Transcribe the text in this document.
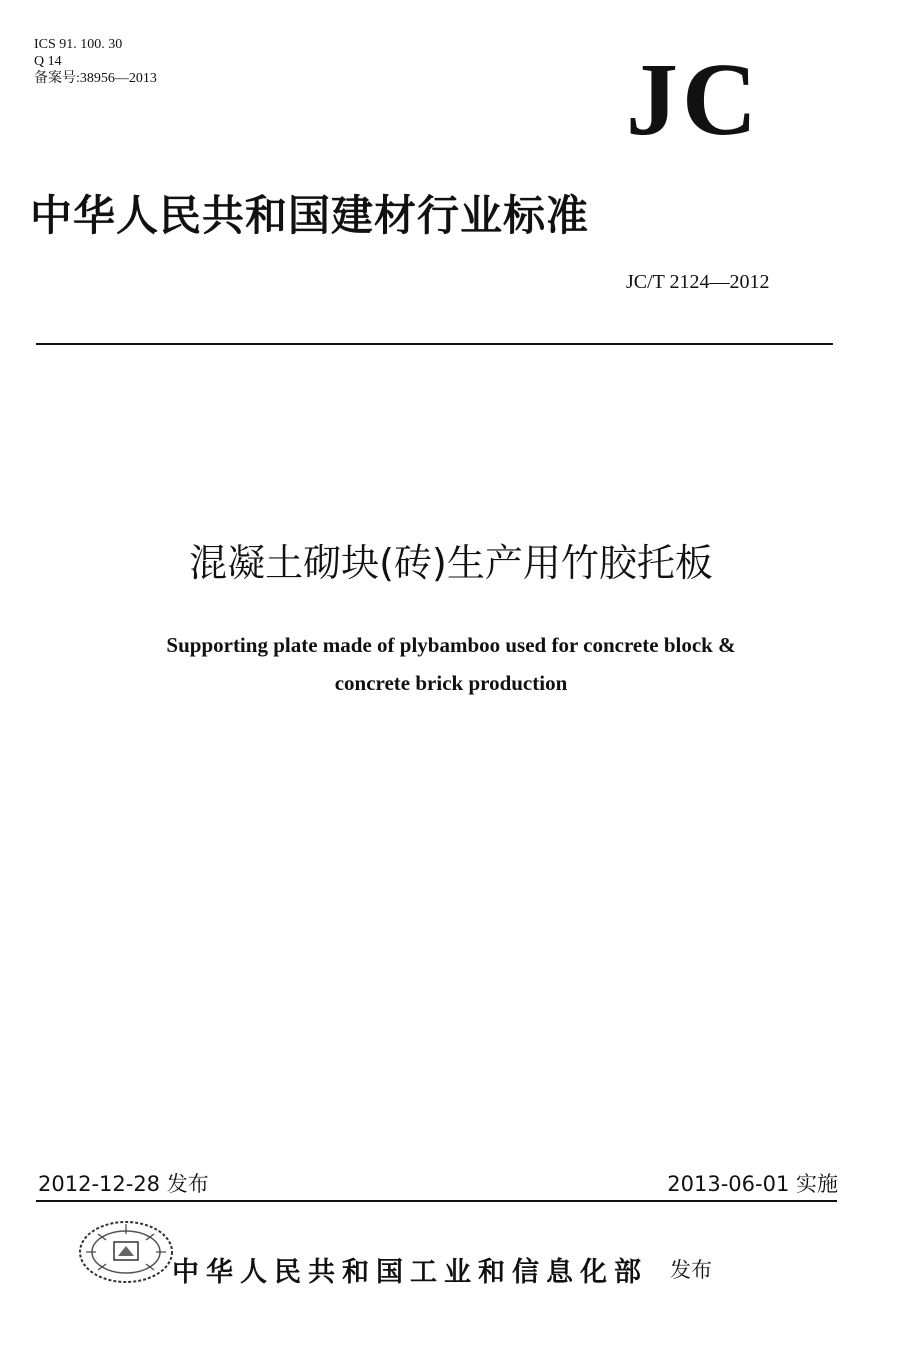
ICS 91. 100. 30
Q 14
备案号:38956—2013	JC
中华人民共和国建材行业标准
JC/T 2124—2012
混凝土砌块(砖)生产用竹胶托板
Supporting plate made of plybamboo used for concrete block &
concrete brick production
2012-12-28 发布	2013-06-01 实施
中华人民共和国工业和信息化部 发布
